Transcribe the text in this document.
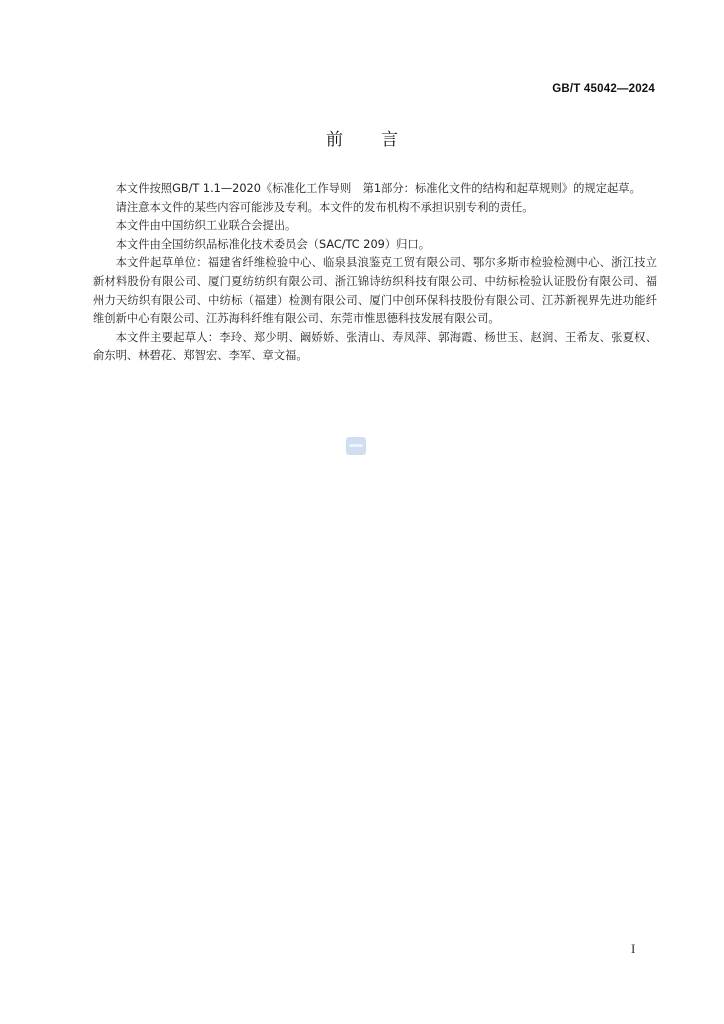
GB/T 45042—2024
前言

本文件按照GB/T 1.1—2020《标准化工作导则　第1部分：标准化文件的结构和起草规则》的规定起草。

请注意本文件的某些内容可能涉及专利。本文件的发布机构不承担识别专利的责任。

本文件由中国纺织工业联合会提出。

本文件由全国纺织品标准化技术委员会（SAC/TC 209）归口。

本文件起草单位：福建省纤维检验中心、临泉县浪鉴克工贸有限公司、鄂尔多斯市检验检测中心、浙江技立新材料股份有限公司、厦门夏纺纺织有限公司、浙江锦诗纺织科技有限公司、中纺标检验认证股份有限公司、福州力天纺织有限公司、中纺标（福建）检测有限公司、厦门中创环保科技股份有限公司、江苏新视界先进功能纤维创新中心有限公司、江苏海科纤维有限公司、东莞市惟思德科技发展有限公司。

本文件主要起草人：李玲、郑少明、阚娇娇、张清山、寿凤萍、郭海霞、杨世玉、赵润、王希友、张夏权、俞东明、林碧花、郑智宏、李军、章文福。

I
